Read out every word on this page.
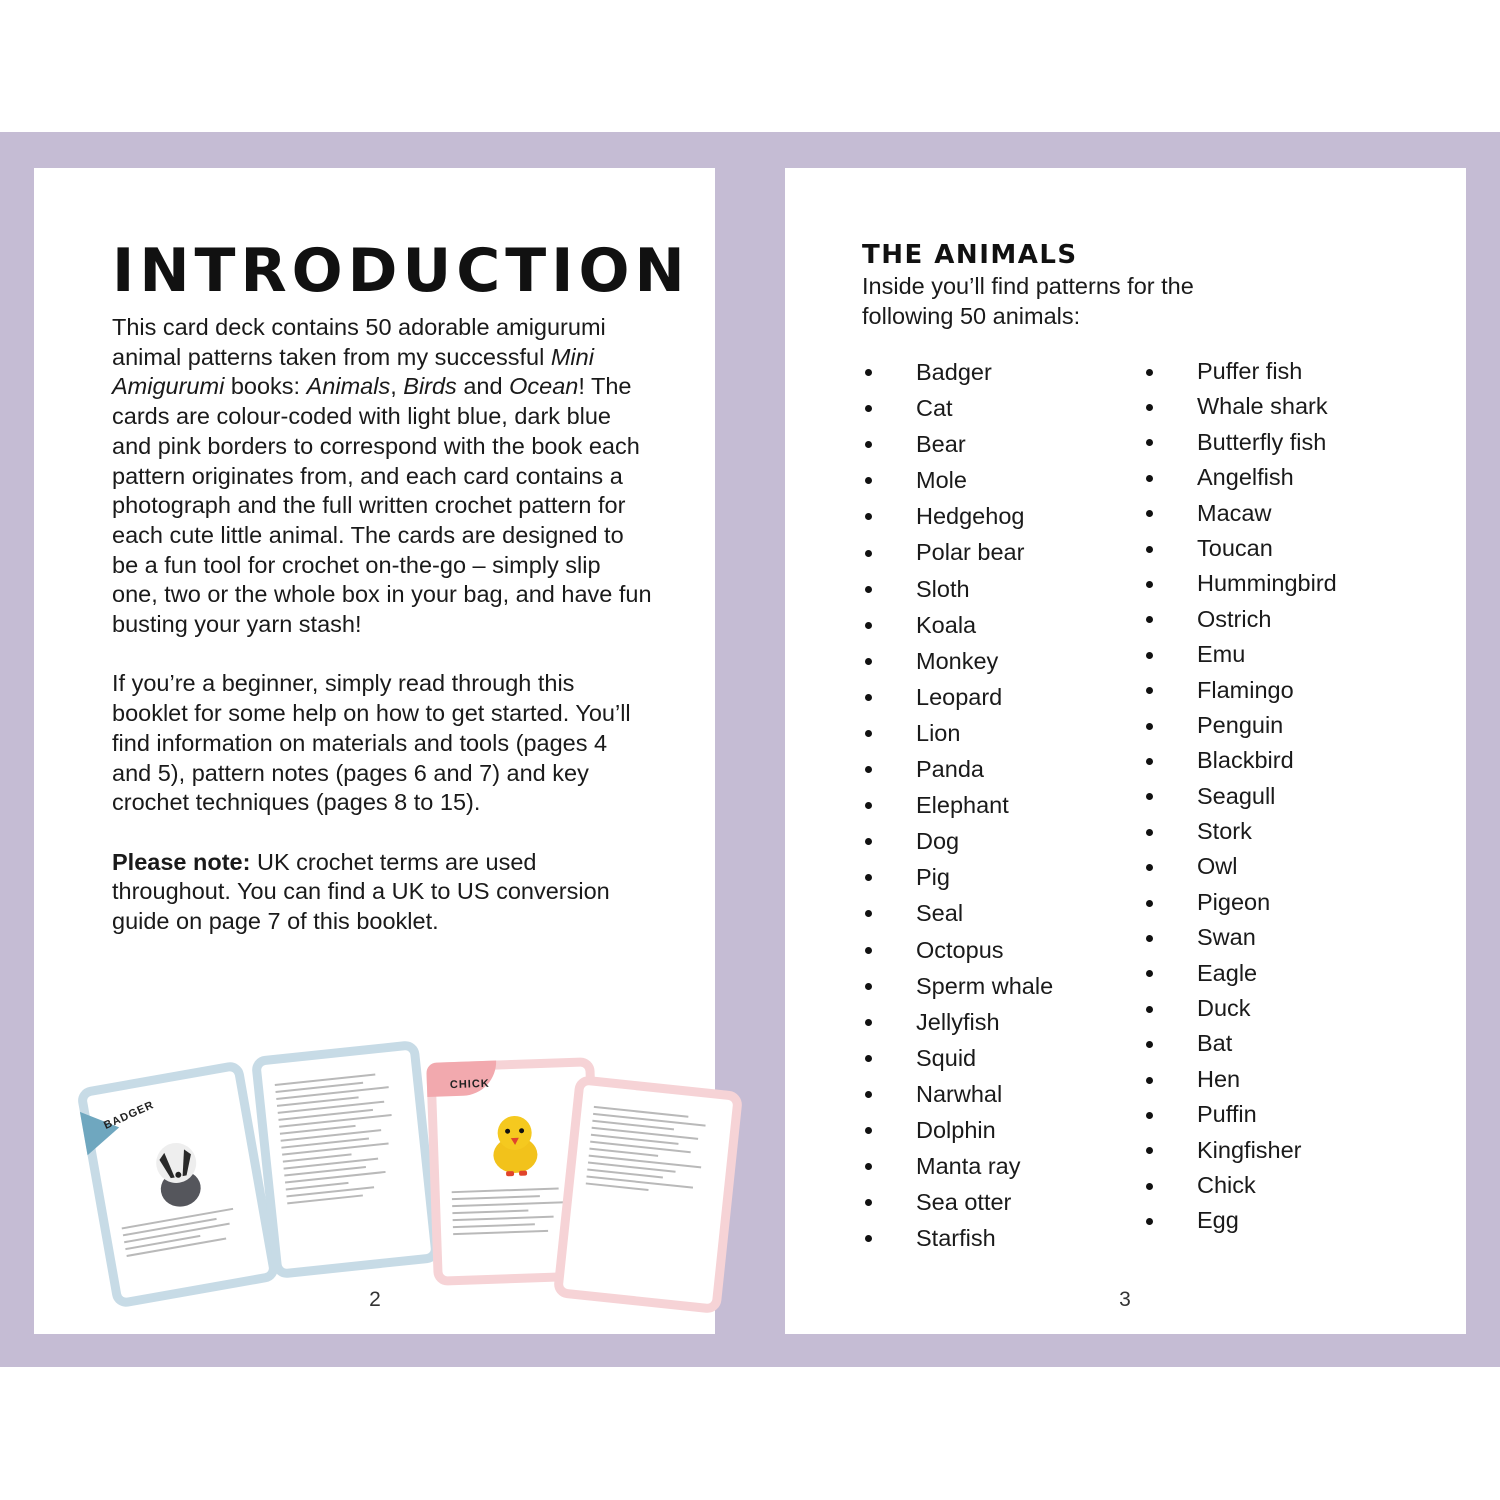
INTRODUCTION

This card deck contains 50 adorable amigurumi animal patterns taken from my successful Mini Amigurumi books: Animals, Birds and Ocean! The cards are colour-coded with light blue, dark blue and pink borders to correspond with the book each pattern originates from, and each card contains a photograph and the full written crochet pattern for each cute little animal. The cards are designed to be a fun tool for crochet on-the-go – simply slip one, two or the whole box in your bag, and have fun busting your yarn stash!

If you’re a beginner, simply read through this booklet for some help on how to get started. You’ll find information on materials and tools (pages 4 and 5), pattern notes (pages 6 and 7) and key crochet techniques (pages 8 to 15).

Please note: UK crochet terms are used throughout. You can find a UK to US conversion guide on page 7 of this booklet.

BADGER
CHICK
2
THE ANIMALS
Inside you’ll find patterns for the following 50 animals:
Badger
Cat
Bear
Mole
Hedgehog
Polar bear
Sloth
Koala
Monkey
Leopard
Lion
Panda
Elephant
Dog
Pig
Seal
Octopus
Sperm whale
Jellyfish
Squid
Narwhal
Dolphin
Manta ray
Sea otter
Starfish
Puffer fish
Whale shark
Butterfly fish
Angelfish
Macaw
Toucan
Hummingbird
Ostrich
Emu
Flamingo
Penguin
Blackbird
Seagull
Stork
Owl
Pigeon
Swan
Eagle
Duck
Bat
Hen
Puffin
Kingfisher
Chick
Egg
3
